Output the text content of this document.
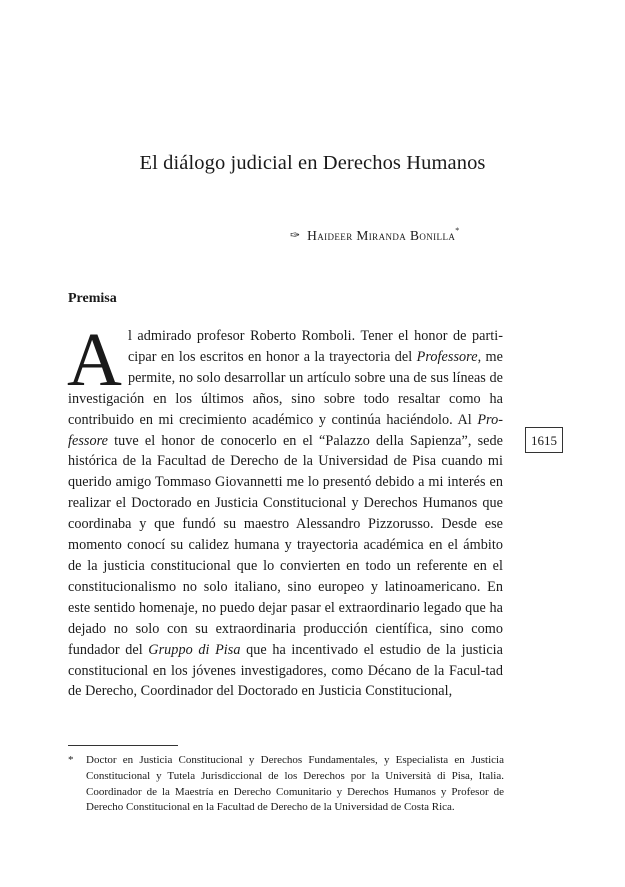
El diálogo judicial en Derechos Humanos
✑ Haideer Miranda Bonilla*
Premisa

Al admirado profesor Roberto Romboli. Tener el honor de parti-cipar en los escritos en honor a la trayectoria del Professore, me permite, no solo desarrollar un artículo sobre una de sus líneas de investigación en los últimos años, sino sobre todo resaltar como ha contribuido en mi crecimiento académico y continúa haciéndolo. Al Pro-fessore tuve el honor de conocerlo en el “Palazzo della Sapienza”, sede histórica de la Facultad de Derecho de la Universidad de Pisa cuando mi querido amigo Tommaso Giovannetti me lo presentó debido a mi interés en realizar el Doctorado en Justicia Constitucional y Derechos Humanos que coordinaba y que fundó su maestro Alessandro Pizzorusso. Desde ese momento conocí su calidez humana y trayectoria académica en el ámbito de la justicia constitucional que lo convierten en todo un referente en el constitucionalismo no solo italiano, sino europeo y latinoamericano. En este sentido homenaje, no puedo dejar pasar el extraordinario legado que ha dejado no solo con su extraordinaria producción científica, sino como fundador del Gruppo di Pisa que ha incentivado el estudio de la justicia constitucional en los jóvenes investigadores, como Décano de la Facul-tad de Derecho, Coordinador del Doctorado en Justicia Constitucional,

1615
* Doctor en Justicia Constitucional y Derechos Fundamentales, y Especialista en Justicia Constitucional y Tutela Jurisdiccional de los Derechos por la Università di Pisa, Italia. Coordinador de la Maestría en Derecho Comunitario y Derechos Humanos y Profesor de Derecho Constitucional en la Facultad de Derecho de la Universidad de Costa Rica.
